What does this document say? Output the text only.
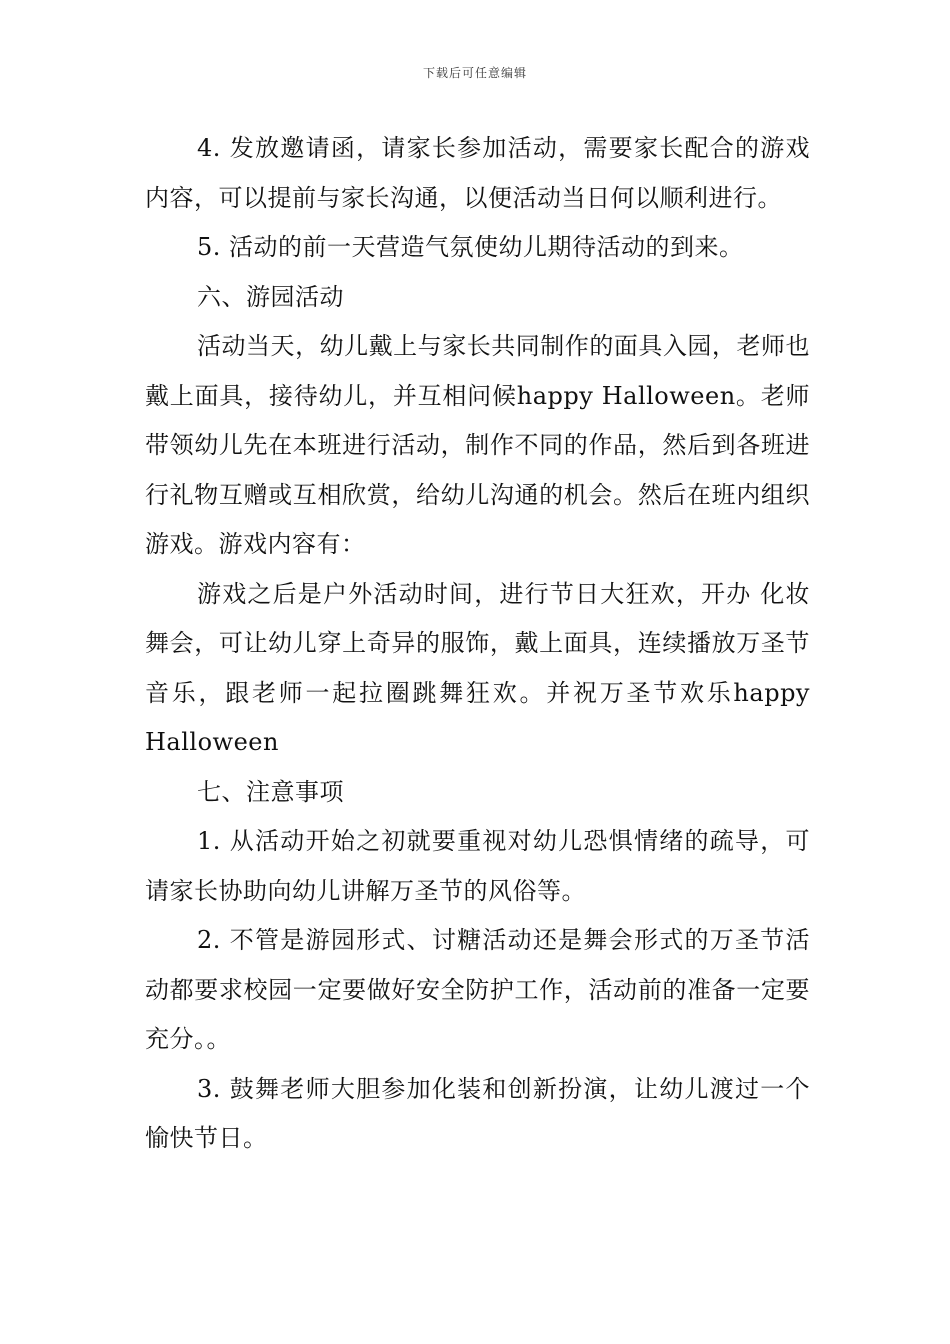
下载后可任意编辑

4. 发放邀请函，请家长参加活动，需要家长配合的游戏内容，可以提前与家长沟通，以便活动当日何以顺利进行。

5. 活动的前一天营造气氛使幼儿期待活动的到来。

六、游园活动

活动当天，幼儿戴上与家长共同制作的面具入园，老师也戴上面具，接待幼儿，并互相问候happy Halloween。老师带领幼儿先在本班进行活动，制作不同的作品，然后到各班进行礼物互赠或互相欣赏，给幼儿沟通的机会。然后在班内组织游戏。游戏内容有：

游戏之后是户外活动时间，进行节日大狂欢，开办 化妆舞会，可让幼儿穿上奇异的服饰，戴上面具，连续播放万圣节音乐，跟老师一起拉圈跳舞狂欢。并祝万圣节欢乐happy Halloween

七、注意事项

1. 从活动开始之初就要重视对幼儿恐惧情绪的疏导，可请家长协助向幼儿讲解万圣节的风俗等。

2. 不管是游园形式、讨糖活动还是舞会形式的万圣节活动都要求校园一定要做好安全防护工作，活动前的准备一定要充分。。

3. 鼓舞老师大胆参加化装和创新扮演，让幼儿渡过一个愉快节日。
